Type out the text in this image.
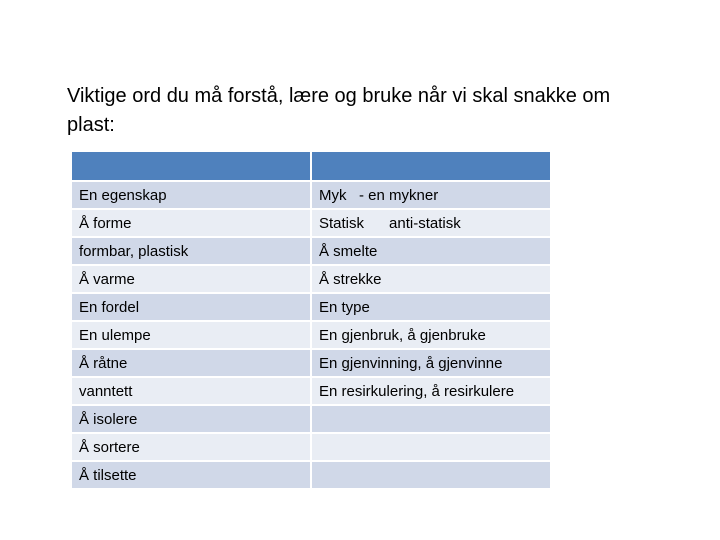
Viktige ord du må forstå, lære og bruke når vi skal snakke om plast:

En egenskap	Myk   - en mykner
Å forme	Statisk      anti-statisk
formbar, plastisk	Å smelte
Å varme	Å strekke
En fordel	En type
En ulempe	En gjenbruk, å gjenbruke
Å råtne	En gjenvinning, å gjenvinne
vanntett	En resirkulering, å resirkulere
Å isolere	
Å sortere	
Å tilsette	
